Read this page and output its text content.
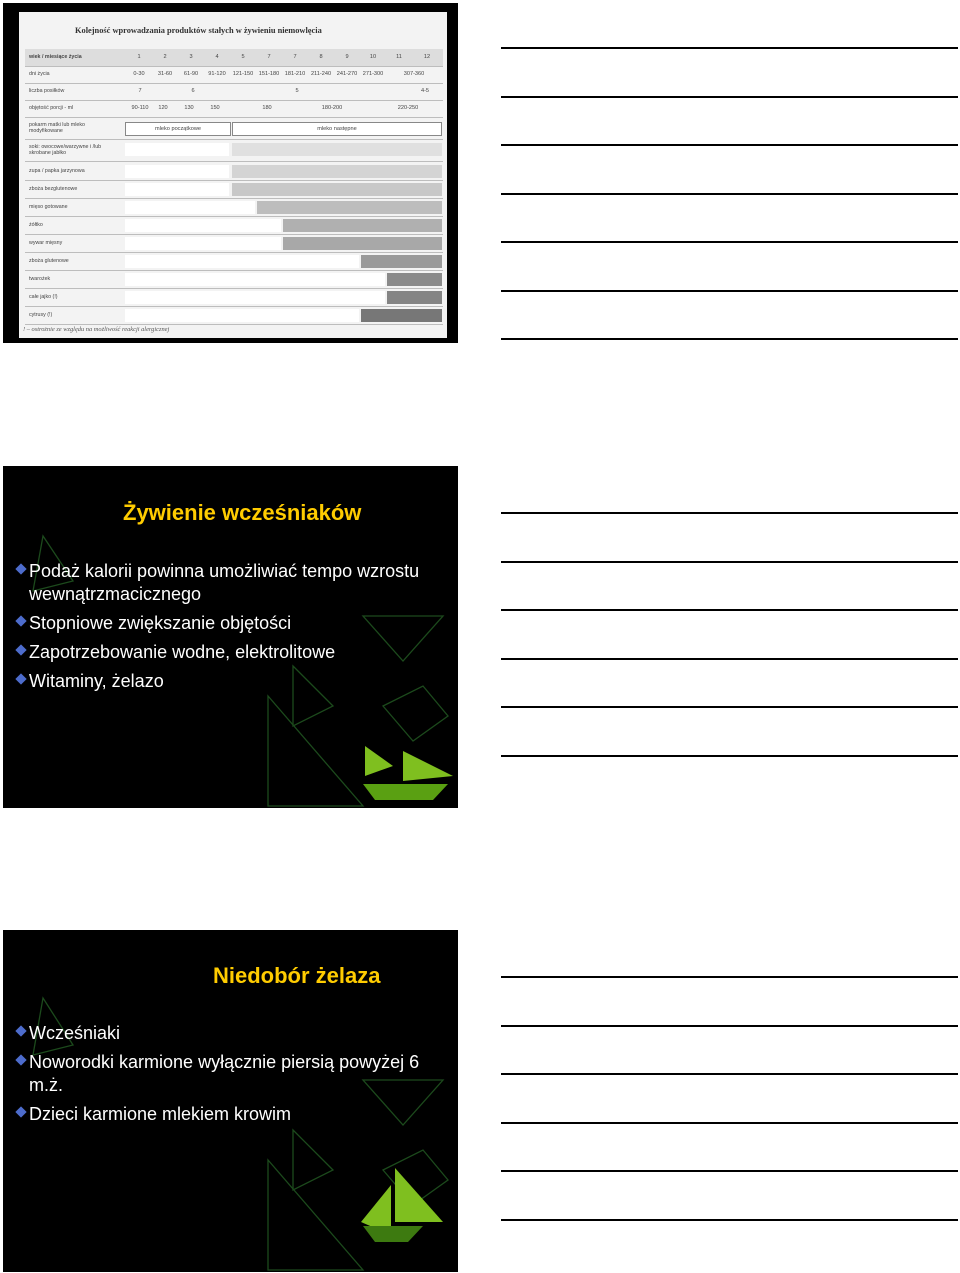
Kolejność wprowadzania produktów stałych w żywieniu niemowlęcia
wiek / miesiące życia	1	2	3	4	5	7	7	8	9	10	11	12
dni życia	0-30	31-60	61-90	91-120	121-150 151-180 181-210	211-240	241-270 271-300	307-360
liczba posiłków	7	6	5	4-5
objętość porcji - ml	90-110	120	130	150	180	180-200	220-250
pokarm matki lub mleko modyfikowane	mleko początkowe	mleko następne
soki: owocowe/warzywne i /lub skrobane jabłko
zupa / papka jarzynowa
zboża bezglutenowe
mięso gotowane
żółtko
wywar mięsny
zboża glutenowe
twarożek
całe jajko (!)
cytrusy (!)
! – ostrożnie ze względu na możliwość reakcji alergicznej
Żywienie wcześniaków
Podaż kalorii powinna umożliwiać tempo wzrostu wewnątrzmacicznego
Stopniowe zwiększanie objętości
Zapotrzebowanie wodne, elektrolitowe
Witaminy, żelazo
Niedobór żelaza
Wcześniaki
Noworodki karmione wyłącznie piersią powyżej 6 m.ż.
Dzieci karmione mlekiem krowim
